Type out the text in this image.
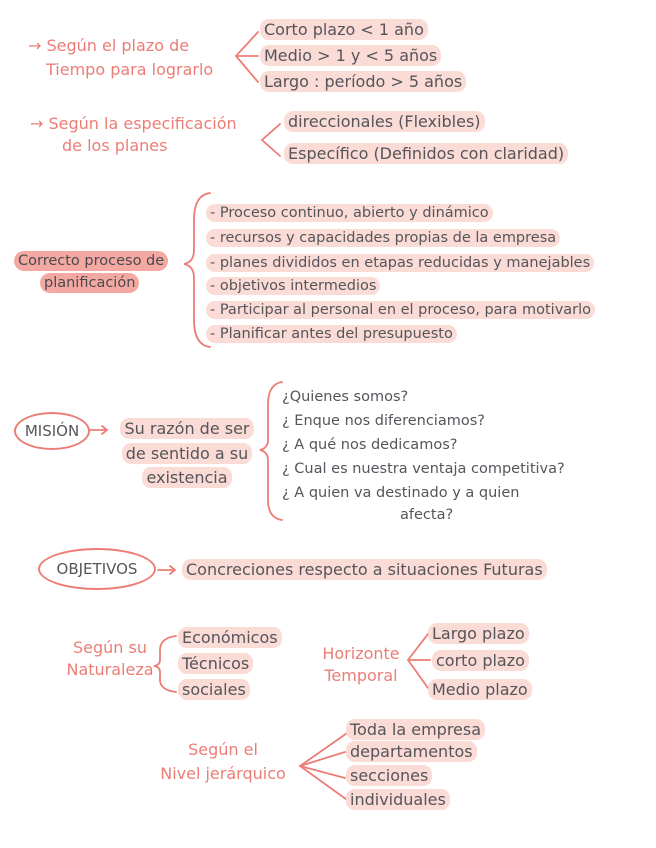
→ Según el plazo de
Tiempo para lograrlo
Corto plazo < 1 año
Medio > 1 y < 5 años
Largo : período > 5 años
→ Según la especificación
de los planes
direccionales (Flexibles)
Específico (Definidos con claridad)
Correcto proceso de
planificación
- Proceso continuo, abierto y dinámico
- recursos y capacidades propias de la empresa
- planes divididos en etapas reducidas y manejables
- objetivos intermedios
- Participar al personal en el proceso, para motivarlo
- Planificar antes del presupuesto
MISIÓN	Su razón de ser
de sentido a su
existencia
¿Quienes somos?
¿ Enque nos diferenciamos?
¿ A qué nos dedicamos?
¿ Cual es nuestra ventaja competitiva?
¿ A quien va destinado y a quien
afecta?
OBJETIVOS	Concreciones respecto a situaciones Futuras
Según su
Naturaleza
Económicos
Técnicos
sociales
Horizonte
Temporal
Largo plazo
corto plazo
Medio plazo
Según el
Nivel jerárquico
Toda la empresa
departamentos
secciones
individuales
